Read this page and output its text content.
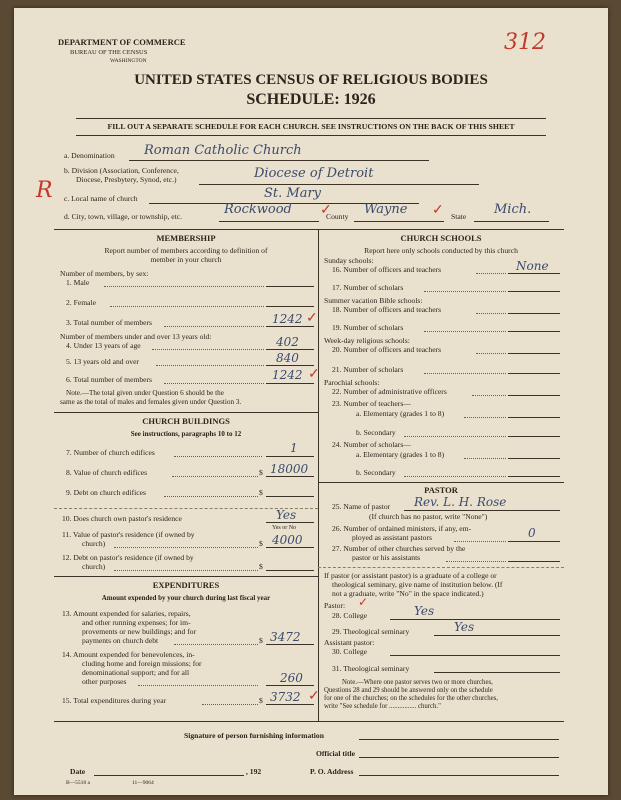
DEPARTMENT OF COMMERCE
BUREAU OF THE CENSUS
WASHINGTON
312
UNITED STATES CENSUS OF RELIGIOUS BODIES
SCHEDULE: 1926
FILL OUT A SEPARATE SCHEDULE FOR EACH CHURCH. SEE INSTRUCTIONS ON THE BACK OF THIS SHEET
R
a. Denomination Roman Catholic Church
b. Division (Association, Conference,
Diocese, Presbytery, Synod, etc.)	Diocese of Detroit
c. Local name of church	St. Mary
d. City, town, village, or township, etc.	Rockwood	County Wayne	State Mich.
✓	✓
MEMBERSHIP
Report number of members according to definition of
member in your church
Number of members, by sex:
1. Male
2. Female
3. Total number of members	1242 ✓
Number of members under and over 13 years old:
4. Under 13 years of age	402
5. 13 years old and over	840
6. Total number of members	1242 ✓
Note.—The total given under Question 6 should be the
same as the total of males and females given under Question 3.
CHURCH BUILDINGS
See instructions, paragraphs 10 to 12
7. Number of church edifices	1
8. Value of church edifices	$ 18000
9. Debt on church edifices	$
10. Does church own pastor's residence	Yes
Yes or No
11. Value of pastor's residence (if owned by
church)	$ 4000
12. Debt on pastor's residence (if owned by
church)	$
EXPENDITURES
Amount expended by your church during last fiscal year
13. Amount expended for salaries, repairs,
and other running expenses; for im-
provements or new buildings; and for
payments on church debt	$ 3472
14. Amount expended for benevolences, in-
cluding home and foreign missions; for
denominational support; and for all
other purposes	260
15. Total expenditures during year	$ 3732 ✓
CHURCH SCHOOLS
Report here only schools conducted by this church
Sunday schools:
16. Number of officers and teachers	None
17. Number of scholars
Summer vacation Bible schools:
18. Number of officers and teachers
19. Number of scholars
Week-day religious schools:
20. Number of officers and teachers
21. Number of scholars
Parochial schools:
22. Number of administrative officers
23. Number of teachers—
a. Elementary (grades 1 to 8)
b. Secondary
24. Number of scholars—
a. Elementary (grades 1 to 8)
b. Secondary
PASTOR
25. Name of pastor Rev. L. H. Rose
(If church has no pastor, write "None")
26. Number of ordained ministers, if any, em-
ployed as assistant pastors	0
27. Number of other churches served by the
pastor or his assistants
If pastor (or assistant pastor) is a graduate of a college or
theological seminary, give name of institution below. (If
not a graduate, write "No" in the space indicated.)
Pastor: ✓
28. College	Yes
29. Theological seminary	Yes
Assistant pastor:
30. College
31. Theological seminary
Note.—Where one pastor serves two or more churches,
Questions 28 and 29 should be answered only on the schedule
for one of the churches; on the schedules for the other churches,
write "See schedule for ................ church."
Signature of person furnishing information
Official title
Date	, 192	P. O. Address
B—5518 a	11—9064
